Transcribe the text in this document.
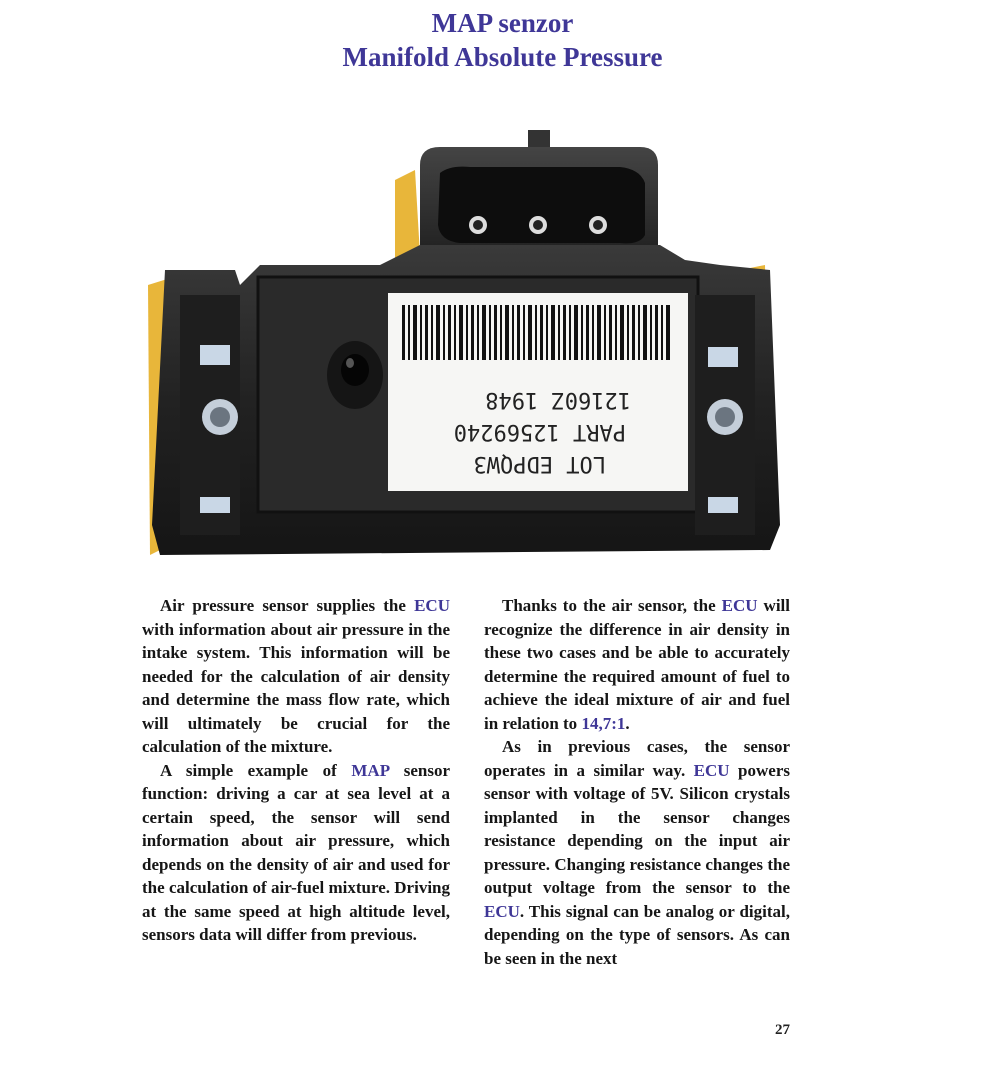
MAP senzor
Manifold Absolute Pressure
LOT EDPQW3
PART 12569240
12160Z 1948

Air pressure sensor supplies the ECU with information about air pressure in the intake system. This information will be needed for the calculation of air density and determine the mass flow rate, which will ultimately be crucial for the calculation of the mixture.

A simple example of MAP sensor function: driving a car at sea level at a certain speed, the sensor will send information about air pressure, which depends on the density of air and used for the calculation of air-fuel mixture. Driving at the same speed at high altitude level, sensors data will differ from previous.

Thanks to the air sensor, the ECU will recognize the difference in air density in these two cases and be able to accurately determine the required amount of fuel to achieve the ideal mixture of air and fuel in relation to 14,7:1.

As in previous cases, the sensor operates in a similar way. ECU powers sensor with voltage of 5V. Silicon crystals implanted in the sensor changes resistance depending on the input air pressure. Changing resistance changes the output voltage from the sensor to the ECU. This signal can be analog or digital, depending on the type of sensors. As can be seen in the next

27
